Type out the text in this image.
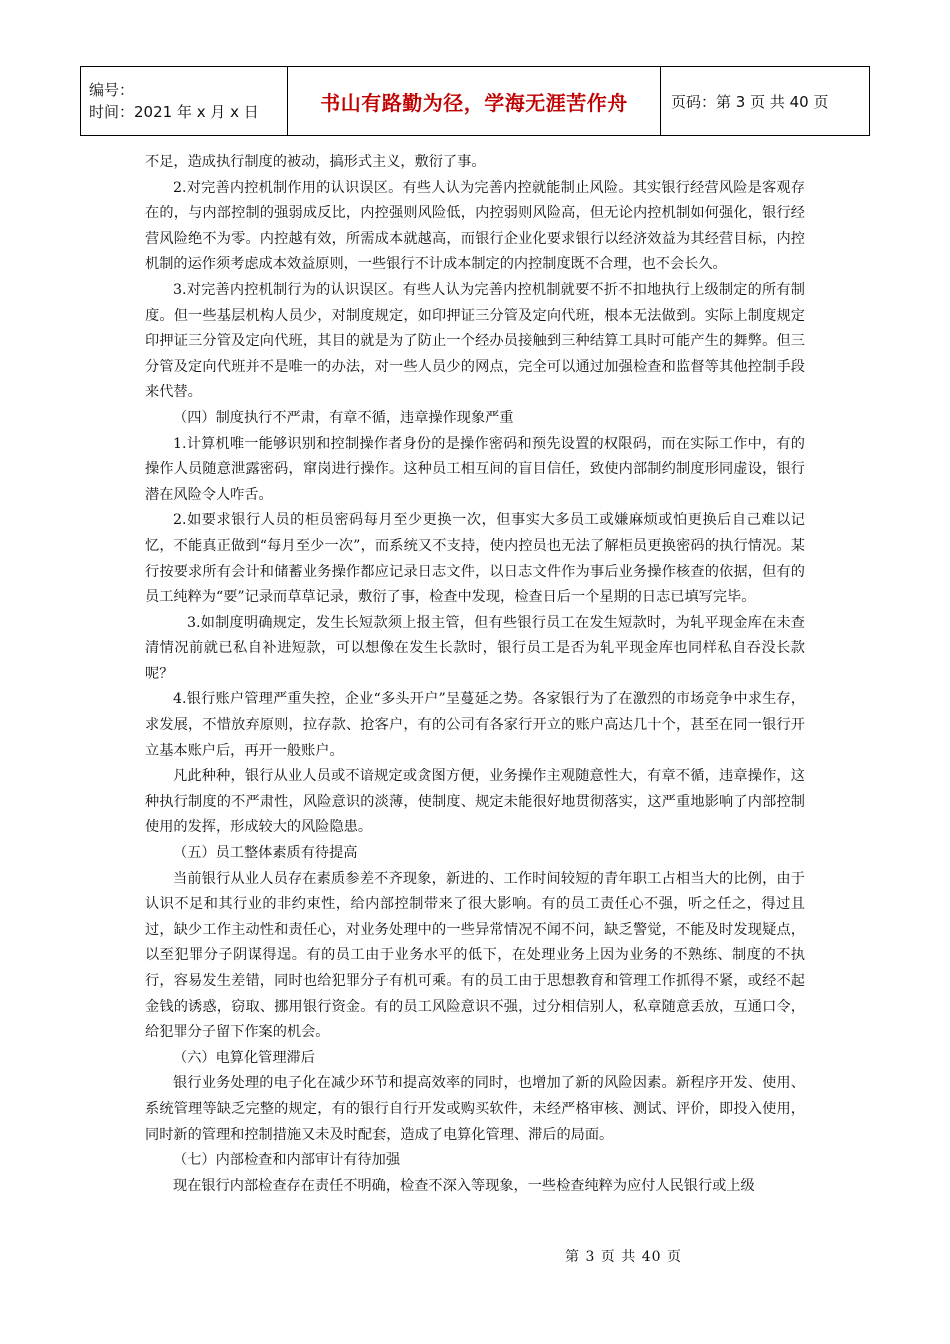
编号：
时间：2021 年 x 月 x 日	书山有路勤为径，学海无涯苦作舟	页码：第 3 页 共 40 页

不足，造成执行制度的被动，搞形式主义，敷衍了事。

2.对完善内控机制作用的认识误区。有些人认为完善内控就能制止风险。其实银行经营风险是客观存在的，与内部控制的强弱成反比，内控强则风险低，内控弱则风险高，但无论内控机制如何强化，银行经营风险绝不为零。内控越有效，所需成本就越高，而银行企业化要求银行以经济效益为其经营目标，内控机制的运作须考虑成本效益原则，一些银行不计成本制定的内控制度既不合理，也不会长久。

3.对完善内控机制行为的认识误区。有些人认为完善内控机制就要不折不扣地执行上级制定的所有制度。但一些基层机构人员少，对制度规定，如印押证三分管及定向代班，根本无法做到。实际上制度规定印押证三分管及定向代班，其目的就是为了防止一个经办员接触到三种结算工具时可能产生的舞弊。但三分管及定向代班并不是唯一的办法，对一些人员少的网点，完全可以通过加强检查和监督等其他控制手段来代替。

（四）制度执行不严肃，有章不循，违章操作现象严重

1.计算机唯一能够识别和控制操作者身份的是操作密码和预先设置的权限码，而在实际工作中，有的操作人员随意泄露密码，窜岗进行操作。这种员工相互间的盲目信任，致使内部制约制度形同虚设，银行潜在风险令人咋舌。

2.如要求银行人员的柜员密码每月至少更换一次，但事实大多员工或嫌麻烦或怕更换后自己难以记忆，不能真正做到“每月至少一次”，而系统又不支持，使内控员也无法了解柜员更换密码的执行情况。某行按要求所有会计和储蓄业务操作都应记录日志文件，以日志文件作为事后业务操作核查的依据，但有的员工纯粹为“要”记录而草草记录，敷衍了事，检查中发现，检查日后一个星期的日志已填写完毕。

3.如制度明确规定，发生长短款须上报主管，但有些银行员工在发生短款时，为轧平现金库在未查清情况前就已私自补进短款，可以想像在发生长款时，银行员工是否为轧平现金库也同样私自吞没长款呢？

4.银行账户管理严重失控，企业“多头开户”呈蔓延之势。各家银行为了在激烈的市场竞争中求生存，求发展，不惜放弃原则，拉存款、抢客户，有的公司有各家行开立的账户高达几十个，甚至在同一银行开立基本账户后，再开一般账户。

凡此种种，银行从业人员或不谙规定或贪图方便，业务操作主观随意性大，有章不循，违章操作，这种执行制度的不严肃性，风险意识的淡薄，使制度、规定未能很好地贯彻落实，这严重地影响了内部控制使用的发挥，形成较大的风险隐患。

（五）员工整体素质有待提高

当前银行从业人员存在素质参差不齐现象，新进的、工作时间较短的青年职工占相当大的比例，由于认识不足和其行业的非约束性，给内部控制带来了很大影响。有的员工责任心不强，听之任之，得过且过，缺少工作主动性和责任心，对业务处理中的一些异常情况不闻不问，缺乏警觉，不能及时发现疑点，以至犯罪分子阴谋得逞。有的员工由于业务水平的低下，在处理业务上因为业务的不熟练、制度的不执行，容易发生差错，同时也给犯罪分子有机可乘。有的员工由于思想教育和管理工作抓得不紧，或经不起金钱的诱惑，窃取、挪用银行资金。有的员工风险意识不强，过分相信别人，私章随意丢放，互通口令，给犯罪分子留下作案的机会。

（六）电算化管理滞后

银行业务处理的电子化在减少环节和提高效率的同时，也增加了新的风险因素。新程序开发、使用、系统管理等缺乏完整的规定，有的银行自行开发或购买软件，未经严格审核、测试、评价，即投入使用，同时新的管理和控制措施又未及时配套，造成了电算化管理、滞后的局面。

（七）内部检查和内部审计有待加强

现在银行内部检查存在责任不明确，检查不深入等现象，一些检查纯粹为应付人民银行或上级

第 3 页 共 40 页
